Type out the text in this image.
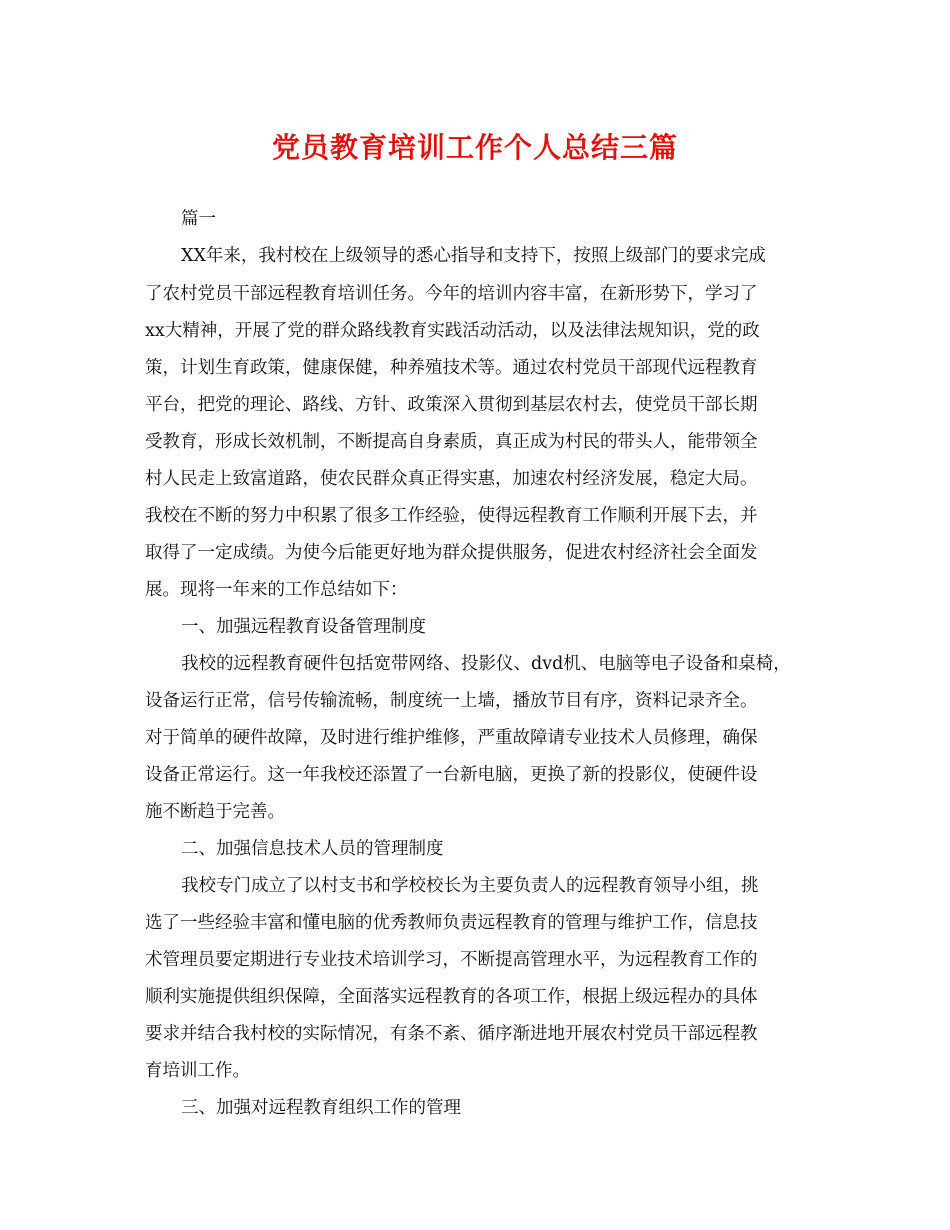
党员教育培训工作个人总结三篇
篇一
XX年来，我村校在上级领导的悉心指导和支持下，按照上级部门的要求完成
了农村党员干部远程教育培训任务。今年的培训内容丰富，在新形势下，学习了
xx大精神，开展了党的群众路线教育实践活动活动，以及法律法规知识，党的政
策，计划生育政策，健康保健，种养殖技术等。通过农村党员干部现代远程教育
平台，把党的理论、路线、方针、政策深入贯彻到基层农村去，使党员干部长期
受教育，形成长效机制，不断提高自身素质，真正成为村民的带头人，能带领全
村人民走上致富道路，使农民群众真正得实惠，加速农村经济发展，稳定大局。
我校在不断的努力中积累了很多工作经验，使得远程教育工作顺利开展下去，并
取得了一定成绩。为使今后能更好地为群众提供服务，促进农村经济社会全面发
展。现将一年来的工作总结如下：
一、加强远程教育设备管理制度
我校的远程教育硬件包括宽带网络、投影仪、dvd机、电脑等电子设备和桌椅，
设备运行正常，信号传输流畅，制度统一上墙，播放节目有序，资料记录齐全。
对于简单的硬件故障，及时进行维护维修，严重故障请专业技术人员修理，确保
设备正常运行。这一年我校还添置了一台新电脑，更换了新的投影仪，使硬件设
施不断趋于完善。
二、加强信息技术人员的管理制度
我校专门成立了以村支书和学校校长为主要负责人的远程教育领导小组，挑
选了一些经验丰富和懂电脑的优秀教师负责远程教育的管理与维护工作，信息技
术管理员要定期进行专业技术培训学习，不断提高管理水平，为远程教育工作的
顺利实施提供组织保障，全面落实远程教育的各项工作，根据上级远程办的具体
要求并结合我村校的实际情况，有条不紊、循序渐进地开展农村党员干部远程教
育培训工作。
三、加强对远程教育组织工作的管理
